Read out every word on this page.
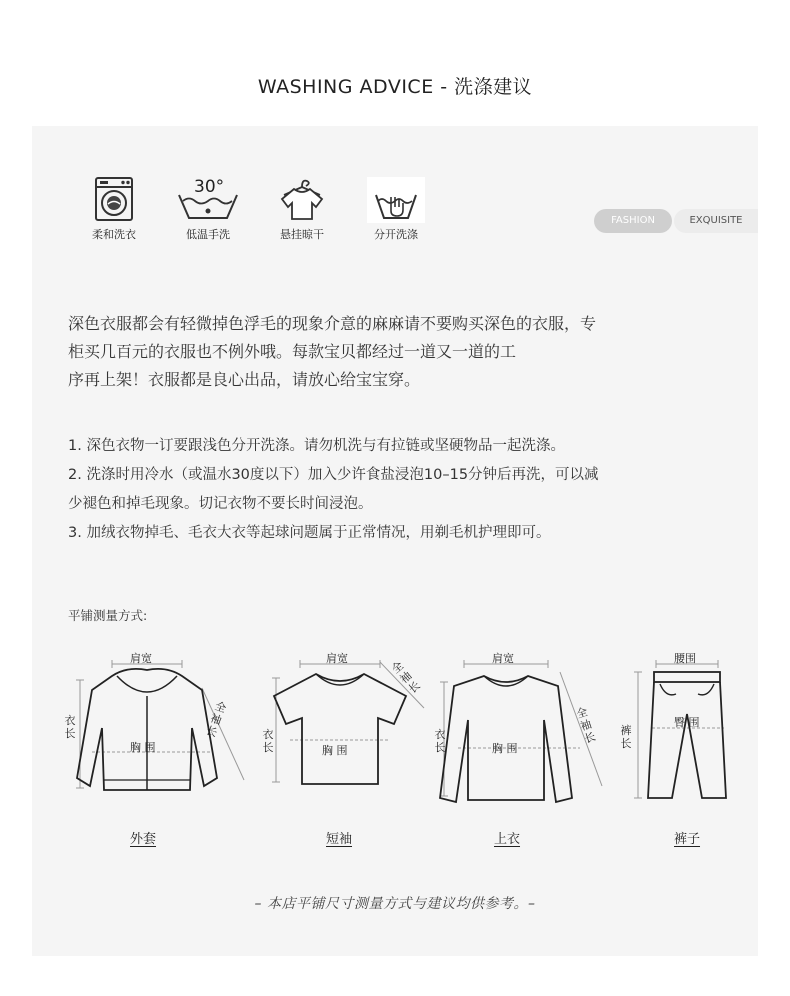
WASHING ADVICE - 洗涤建议
柔和洗衣
30°
低温手洗	悬挂晾干	分开洗涤
FASHION	EXQUISITE

深色衣服都会有轻微掉色浮毛的现象介意的麻麻请不要购买深色的衣服，专

柜买几百元的衣服也不例外哦。每款宝贝都经过一道又一道的工

序再上架！衣服都是良心出品，请放心给宝宝穿。

1. 深色衣物一订要跟浅色分开洗涤。请勿机洗与有拉链或坚硬物品一起洗涤。

2. 洗涤时用冷水（或温水30度以下）加入少许食盐浸泡10–15分钟后再洗，可以减

少褪色和掉毛现象。切记衣物不要长时间浸泡。

3. 加绒衣物掉毛、毛衣大衣等起球问题属于正常情况，用剃毛机护理即可。

平铺测量方式:
肩宽
胸 围
衣长
全袖长
外套
肩宽
胸 围
衣长
全袖长
短袖
肩宽
胸 围
衣长
全袖长
上衣
腰围
臀 围
裤长
裤子
– 本店平铺尺寸测量方式与建议均供参考。–
